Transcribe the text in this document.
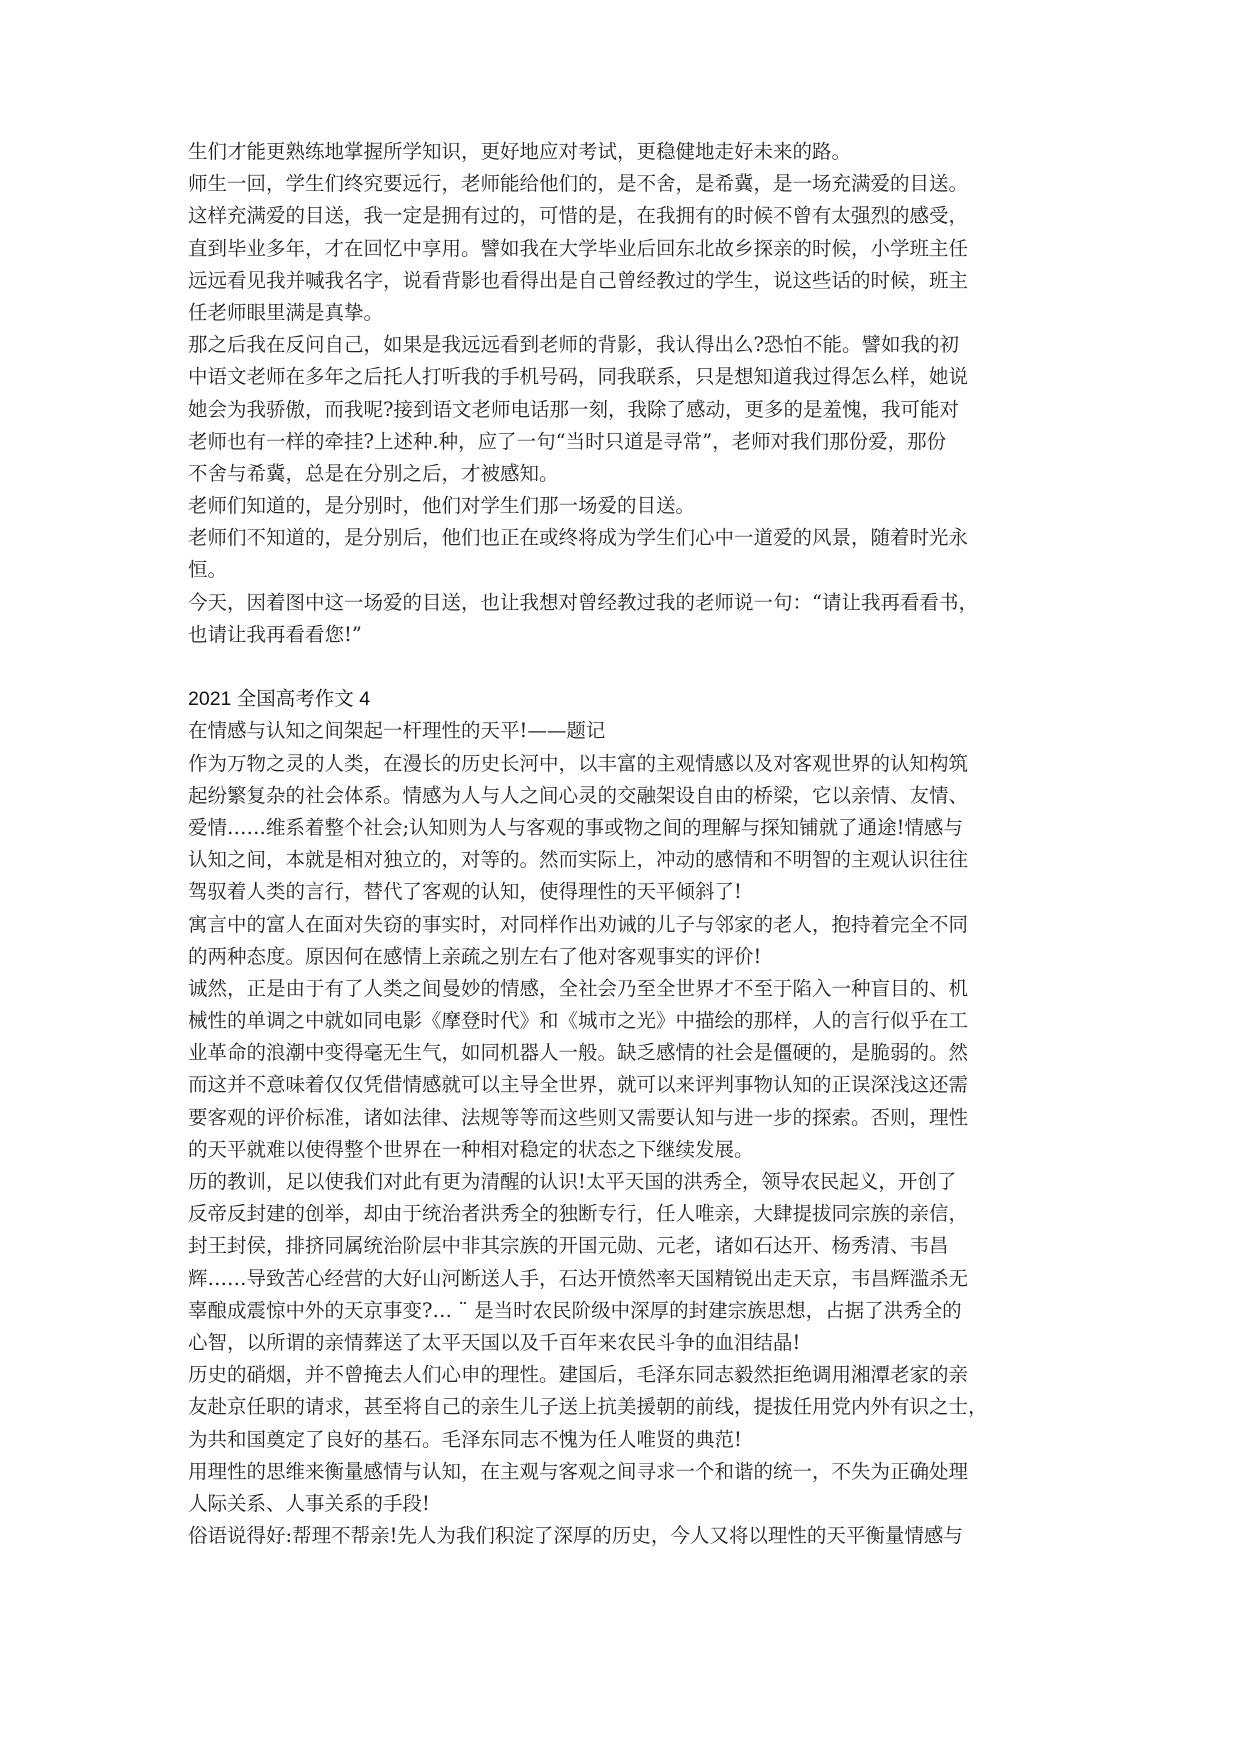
生们才能更熟练地掌握所学知识，更好地应对考试，更稳健地走好未来的路。
师生一回，学生们终究要远行，老师能给他们的，是不舍，是希冀，是一场充满爱的目送。
这样充满爱的目送，我一定是拥有过的，可惜的是，在我拥有的时候不曾有太强烈的感受，
直到毕业多年，才在回忆中享用。譬如我在大学毕业后回东北故乡探亲的时候，小学班主任
远远看见我并喊我名字，说看背影也看得出是自己曾经教过的学生，说这些话的时候，班主
任老师眼里满是真挚。
那之后我在反问自己，如果是我远远看到老师的背影，我认得出么?恐怕不能。譬如我的初
中语文老师在多年之后托人打听我的手机号码，同我联系，只是想知道我过得怎么样，她说
她会为我骄傲，而我呢?接到语文老师电话那一刻，我除了感动，更多的是羞愧，我可能对
老师也有一样的牵挂?上述种.种，应了一句“当时只道是寻常”，老师对我们那份爱，那份
不舍与希冀，总是在分别之后，才被感知。
老师们知道的，是分别时，他们对学生们那一场爱的目送。
老师们不知道的，是分别后，他们也正在或终将成为学生们心中一道爱的风景，随着时光永
恒。
今天，因着图中这一场爱的目送，也让我想对曾经教过我的老师说一句：“请让我再看看书，
也请让我再看看您!”
2021 全国高考作文 4
在情感与认知之间架起一杆理性的天平!——题记
作为万物之灵的人类，在漫长的历史长河中，以丰富的主观情感以及对客观世界的认知构筑
起纷繁复杂的社会体系。情感为人与人之间心灵的交融架设自由的桥梁，它以亲情、友情、
爱情……维系着整个社会;认知则为人与客观的事或物之间的理解与探知铺就了通途!情感与
认知之间，本就是相对独立的，对等的。然而实际上，冲动的感情和不明智的主观认识往往
驾驭着人类的言行，替代了客观的认知，使得理性的天平倾斜了!
寓言中的富人在面对失窃的事实时，对同样作出劝诫的儿子与邻家的老人，抱持着完全不同
的两种态度。原因何在感情上亲疏之别左右了他对客观事实的评价!
诚然，正是由于有了人类之间曼妙的情感，全社会乃至全世界才不至于陷入一种盲目的、机
械性的单调之中就如同电影《摩登时代》和《城市之光》中描绘的那样，人的言行似乎在工
业革命的浪潮中变得毫无生气，如同机器人一般。缺乏感情的社会是僵硬的，是脆弱的。然
而这并不意味着仅仅凭借情感就可以主导全世界，就可以来评判事物认知的正误深浅这还需
要客观的评价标准，诸如法律、法规等等而这些则又需要认知与进一步的探索。否则，理性
的天平就难以使得整个世界在一种相对稳定的状态之下继续发展。
历的教训，足以使我们对此有更为清醒的认识!太平天国的洪秀全，领导农民起义，开创了
反帝反封建的创举，却由于统治者洪秀全的独断专行，任人唯亲，大肆提拔同宗族的亲信，
封王封侯，排挤同属统治阶层中非其宗族的开国元勋、元老，诸如石达开、杨秀清、韦昌
辉……导致苦心经营的大好山河断送人手，石达开愤然率天国精锐出走天京，韦昌辉滥杀无
辜酿成震惊中外的天京事变?… ¨ 是当时农民阶级中深厚的封建宗族思想，占据了洪秀全的
心智，以所谓的亲情葬送了太平天国以及千百年来农民斗争的血泪结晶!
历史的硝烟，并不曾掩去人们心申的理性。建国后，毛泽东同志毅然拒绝调用湘潭老家的亲
友赴京任职的请求，甚至将自己的亲生儿子送上抗美援朝的前线，提拔任用党内外有识之士，
为共和国奠定了良好的基石。毛泽东同志不愧为任人唯贤的典范!
用理性的思维来衡量感情与认知，在主观与客观之间寻求一个和谐的统一，不失为正确处理
人际关系、人事关系的手段!
俗语说得好:帮理不帮亲!先人为我们积淀了深厚的历史，今人又将以理性的天平衡量情感与
